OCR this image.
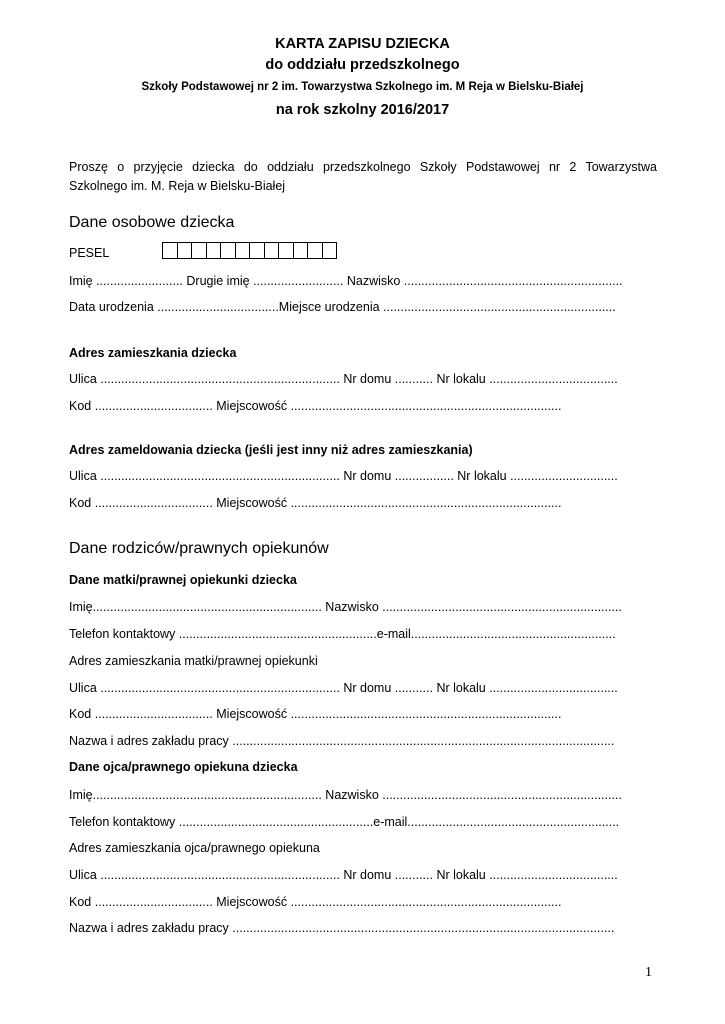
KARTA ZAPISU DZIECKA
do oddziału przedszkolnego
Szkoły Podstawowej nr 2 im. Towarzystwa Szkolnego im. M Reja w Bielsku-Białej
na rok szkolny 2016/2017
Proszę o przyjęcie dziecka do oddziału przedszkolnego Szkoły Podstawowej nr 2 Towarzystwa
Szkolnego im. M. Reja w Bielsku-Białej
Dane osobowe dziecka
PESEL
Imię ......................... Drugie imię .......................... Nazwisko ...............................................................
Data urodzenia ...................................Miejsce urodzenia ...................................................................
Adres zamieszkania dziecka
Ulica ..................................................................... Nr domu ........... Nr lokalu .....................................
Kod .................................. Miejscowość ..............................................................................
Adres zameldowania dziecka (jeśli jest inny niż adres zamieszkania)
Ulica ..................................................................... Nr domu ................. Nr lokalu ...............................
Kod .................................. Miejscowość ..............................................................................
Dane rodziców/prawnych opiekunów
Dane matki/prawnej opiekunki dziecka
Imię.................................................................. Nazwisko .....................................................................
Telefon kontaktowy .........................................................e-mail...........................................................
Adres zamieszkania matki/prawnej opiekunki
Ulica ..................................................................... Nr domu ........... Nr lokalu .....................................
Kod .................................. Miejscowość ..............................................................................
Nazwa i adres zakładu pracy ..............................................................................................................
Dane ojca/prawnego opiekuna dziecka
Imię.................................................................. Nazwisko .....................................................................
Telefon kontaktowy ........................................................e-mail.............................................................
Adres zamieszkania ojca/prawnego opiekuna
Ulica ..................................................................... Nr domu ........... Nr lokalu .....................................
Kod .................................. Miejscowość ..............................................................................
Nazwa i adres zakładu pracy ..............................................................................................................
1
